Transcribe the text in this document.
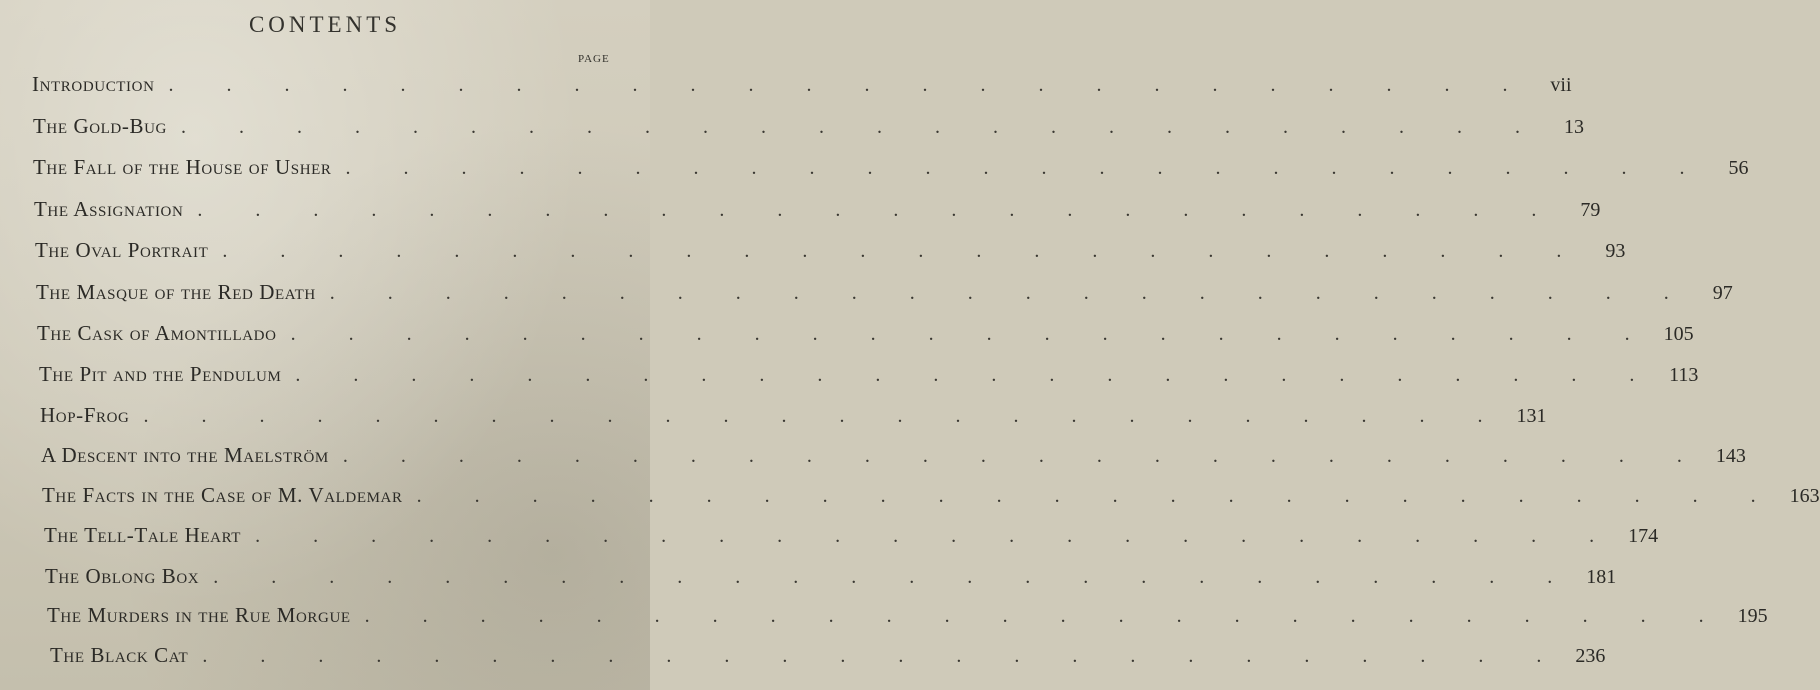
CONTENTS
PAGE
Introduction . . . . . . . . . . . . . . . . . . . . . . . . vii
The Gold-Bug . . . . . . . . . . . . . . . . . . . . . . . .	13
The Fall of the House of Usher . . . . . . . . . . . . . . . . . . . . . . . .	56
The Assignation . . . . . . . . . . . . . . . . . . . . . . . .	79
The Oval Portrait . . . . . . . . . . . . . . . . . . . . . . . .	93
The Masque of the Red Death . . . . . . . . . . . . . . . . . . . . . . . .	97
The Cask of Amontillado . . . . . . . . . . . . . . . . . . . . . . . . 105
The Pit and the Pendulum . . . . . . . . . . . . . . . . . . . . . . . . 113
Hop-Frog . . . . . . . . . . . . . . . . . . . . . . . . 131
A Descent into the Maelström . . . . . . . . . . . . . . . . . . . . . . . . 143
The Facts in the Case of M. Valdemar . . . . . . . . . . . . . . . . . . . . . . . . 163
The Tell-Tale Heart . . . . . . . . . . . . . . . . . . . . . . . . 174
The Oblong Box . . . . . . . . . . . . . . . . . . . . . . . . 181
The Murders in the Rue Morgue . . . . . . . . . . . . . . . . . . . . . . . . 195
The Black Cat . . . . . . . . . . . . . . . . . . . . . . . . 236
